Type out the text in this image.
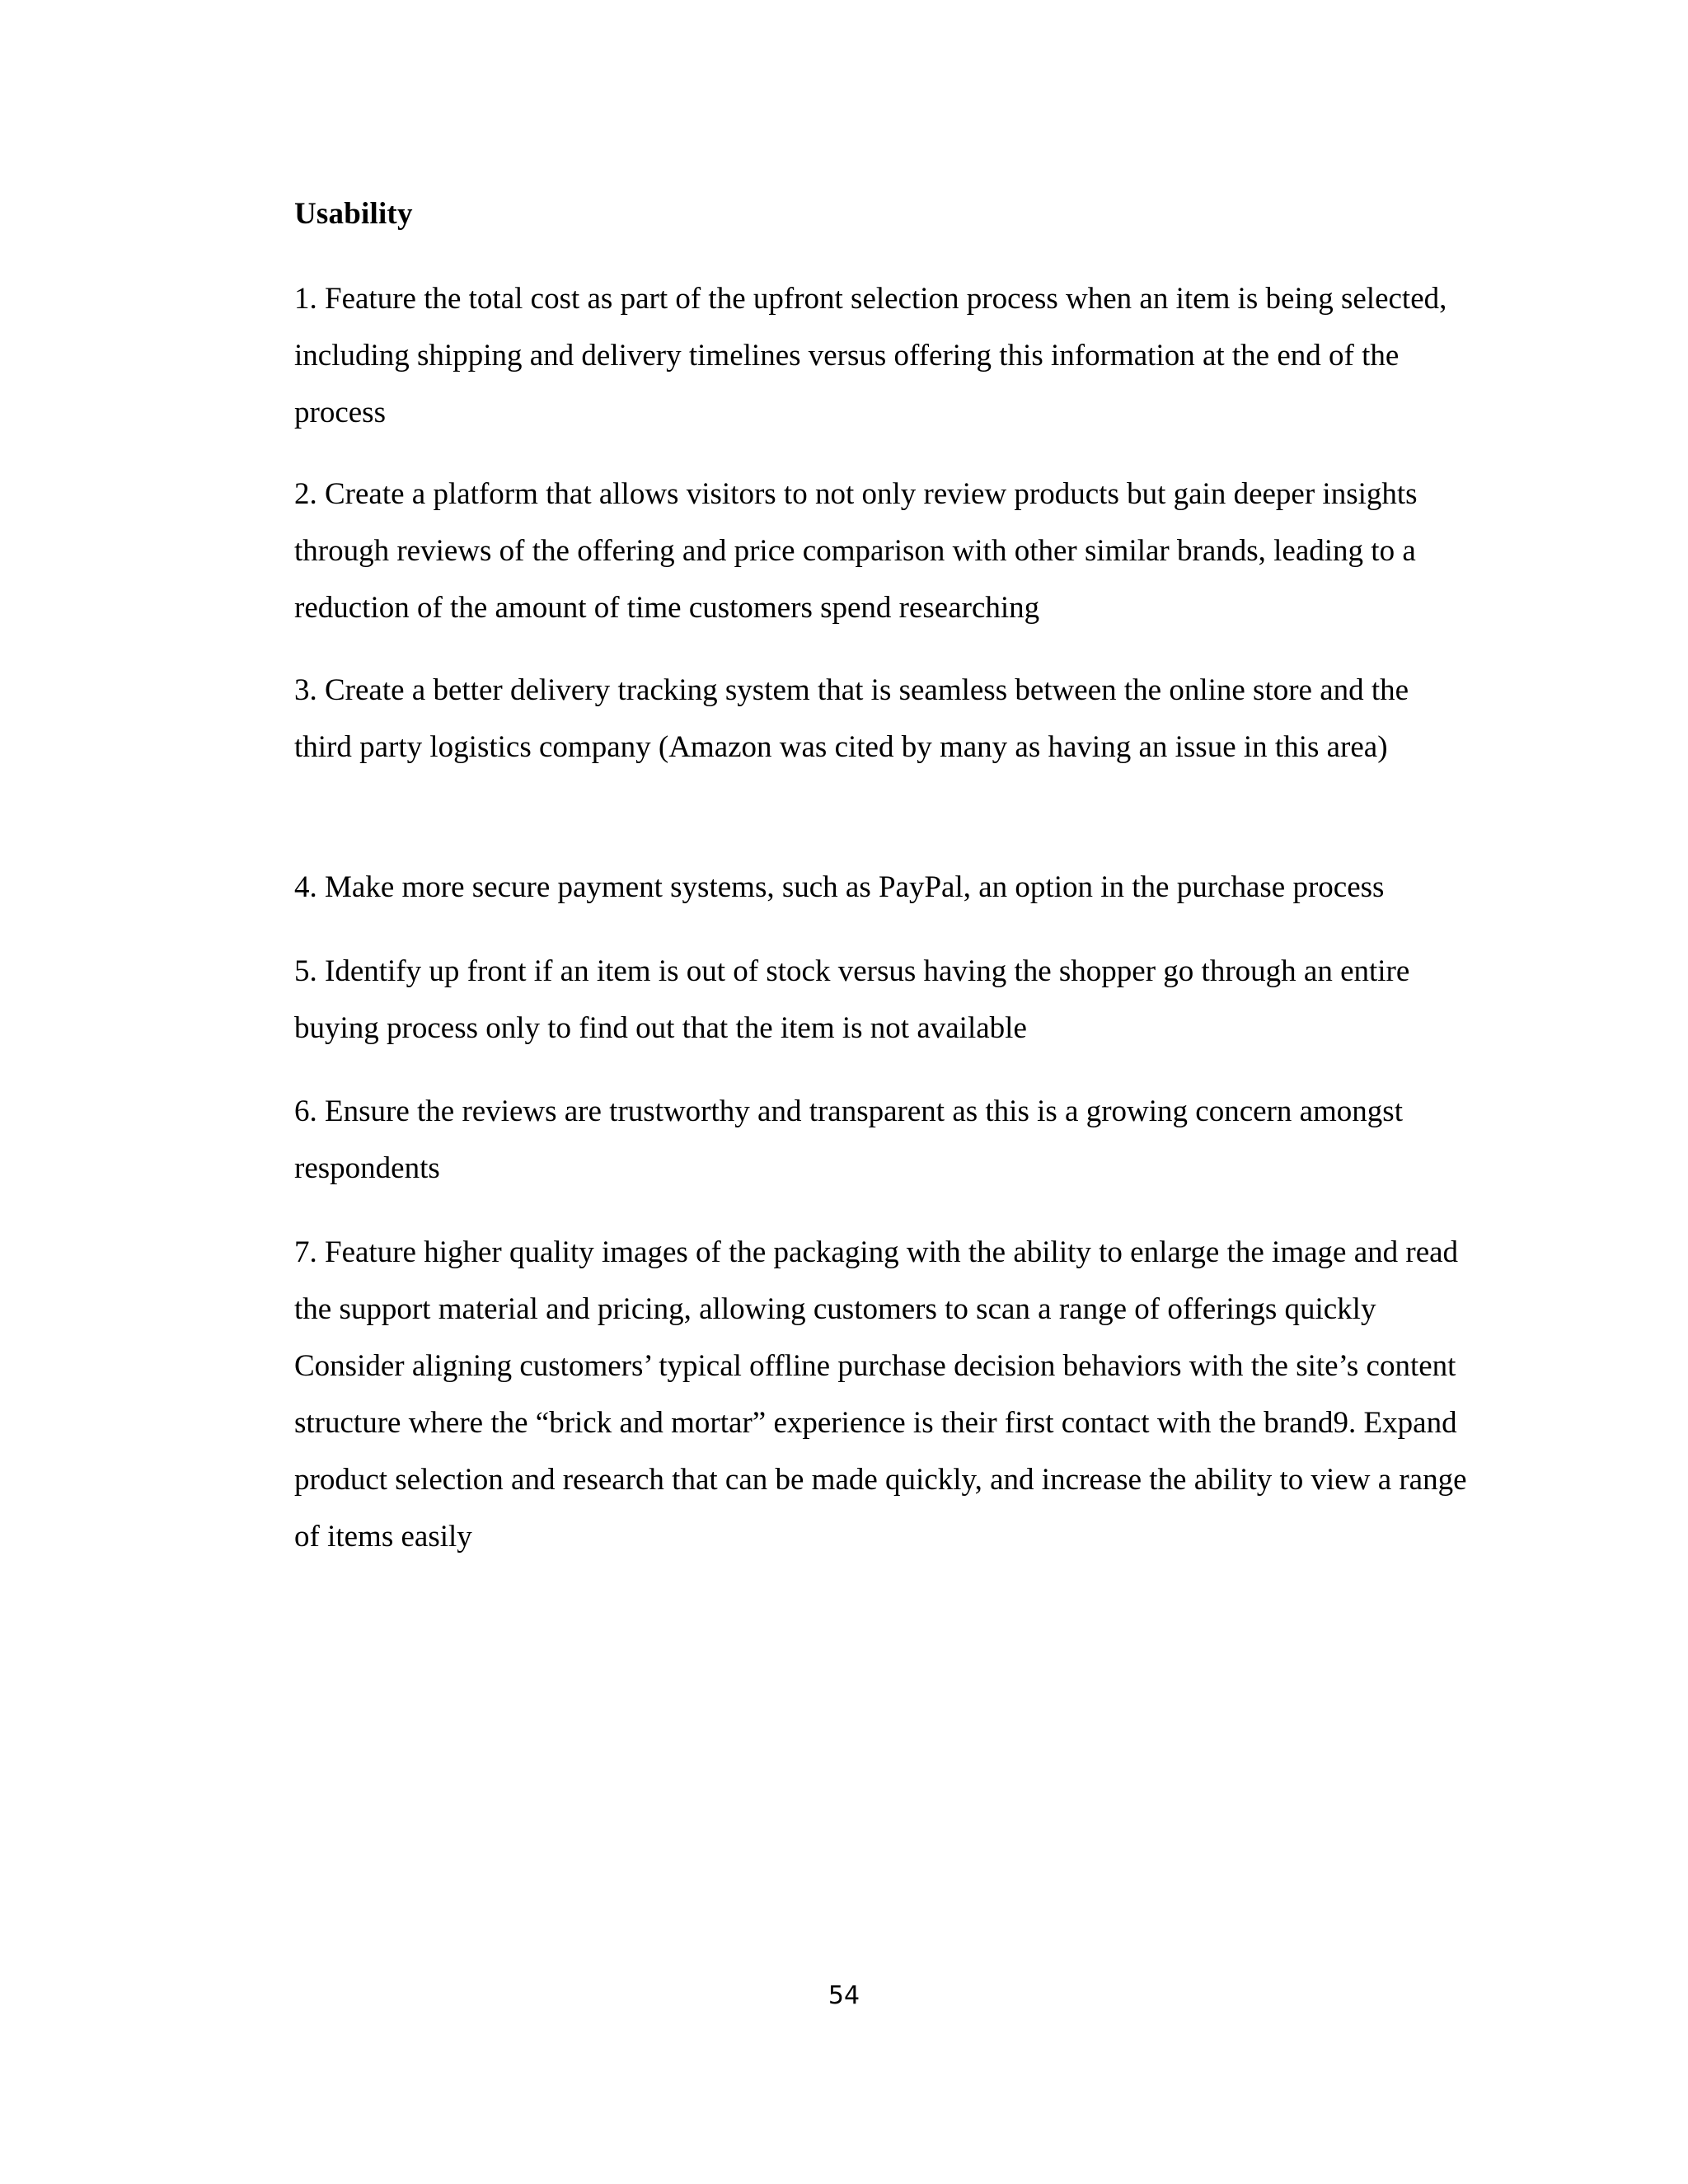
Usability

1. Feature the total cost as part of the upfront selection process when an item is being selected, including shipping and delivery timelines versus offering this information at the end of the process

2. Create a platform that allows visitors to not only review products but gain deeper insights through reviews of the offering and price comparison with other similar brands, leading to a reduction of the amount of time customers spend researching

3. Create a better delivery tracking system that is seamless between the online store and the third party logistics company (Amazon was cited by many as having an issue in this area)

4. Make more secure payment systems, such as PayPal, an option in the purchase process

5. Identify up front if an item is out of stock versus having the shopper go through an entire buying process only to find out that the item is not available

6. Ensure the reviews are trustworthy and transparent as this is a growing concern amongst respondents

7. Feature higher quality images of the packaging with the ability to enlarge the image and read the support material and pricing, allowing customers to scan a range of offerings quickly Consider aligning customers’ typical offline purchase decision behaviors with the site’s content structure where the “brick and mortar” experience is their first contact with the brand9. Expand product selection and research that can be made quickly, and increase the ability to view a range of items easily

54
